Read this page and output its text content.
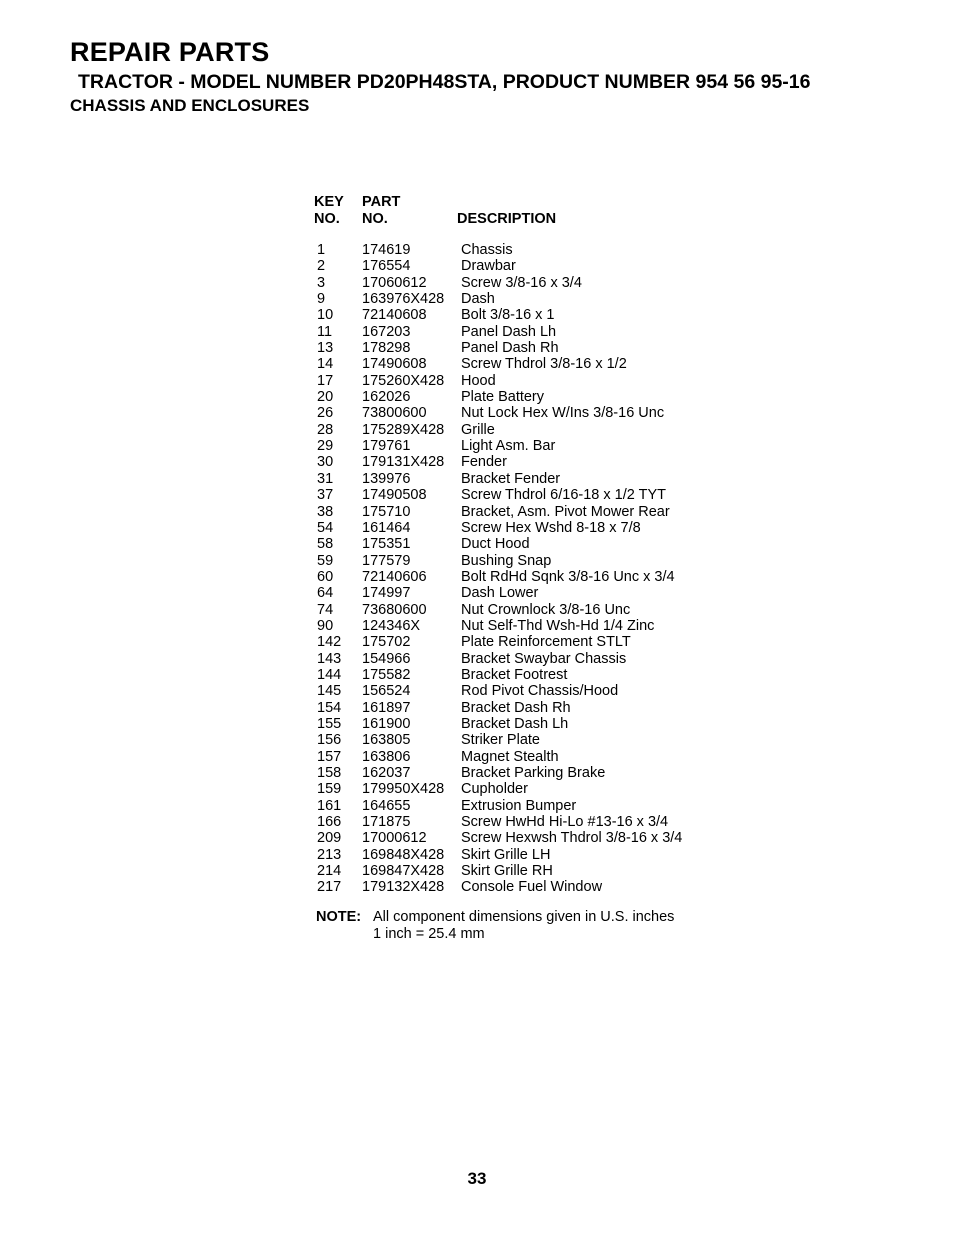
REPAIR PARTS
TRACTOR - MODEL NUMBER PD20PH48STA, PRODUCT NUMBER 954 56 95-16
CHASSIS AND ENCLOSURES
KEY
NO.
PART
NO.	DESCRIPTION
1	174619	Chassis
2	176554	Drawbar
3	17060612 Screw 3/8-16 x 3/4
9	163976X428 Dash
10 72140608 Bolt 3/8-16 x 1
11 167203	Panel Dash Lh
13 178298	Panel Dash Rh
14 17490608 Screw Thdrol 3/8-16 x 1/2
17 175260X428 Hood
20 162026	Plate Battery
26 73800600 Nut Lock Hex W/Ins 3/8-16 Unc
28 175289X428 Grille
29 179761	Light Asm. Bar
30 179131X428 Fender
31 139976	Bracket Fender
37 17490508 Screw Thdrol 6/16-18 x 1/2 TYT
38 175710	Bracket, Asm. Pivot Mower Rear
54 161464	Screw Hex Wshd 8-18 x 7/8
58 175351	Duct Hood
59 177579	Bushing Snap
60 72140606 Bolt RdHd Sqnk 3/8-16 Unc x 3/4
64 174997	Dash Lower
74 73680600 Nut Crownlock 3/8-16 Unc
90 124346X	Nut Self-Thd Wsh-Hd 1/4 Zinc
142 175702	Plate Reinforcement STLT
143 154966	Bracket Swaybar Chassis
144 175582	Bracket Footrest
145 156524	Rod Pivot Chassis/Hood
154 161897	Bracket Dash Rh
155 161900	Bracket Dash Lh
156 163805	Striker Plate
157 163806	Magnet Stealth
158 162037	Bracket Parking Brake
159 179950X428 Cupholder
161 164655	Extrusion Bumper
166 171875	Screw HwHd Hi-Lo #13-16 x 3/4
209 17000612 Screw Hexwsh Thdrol 3/8-16 x 3/4
213 169848X428 Skirt Grille LH
214 169847X428 Skirt Grille RH
217 179132X428 Console Fuel Window
NOTE: All component dimensions given in U.S. inches
1 inch = 25.4 mm
33
